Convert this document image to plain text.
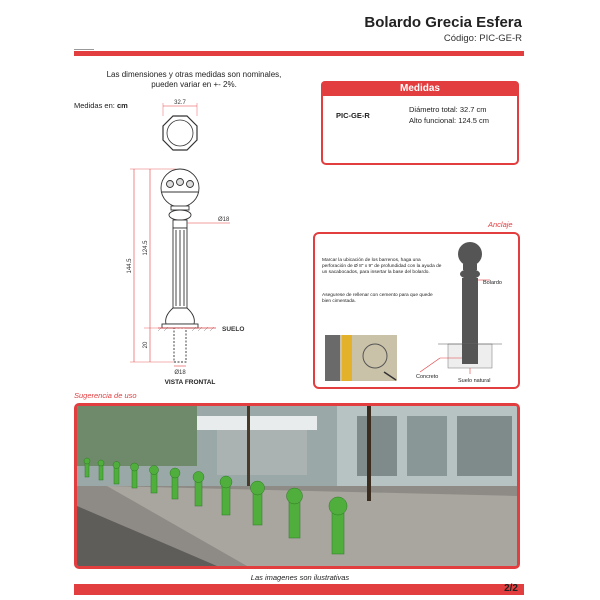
Bolardo Grecia Esfera
Código: PIC-GE-R
Las dimensiones y otras medidas son nominales,
pueden variar en +- 2%.
Medidas en: cm	32.7
SUELO
144.5
124.5
20
Ø18
Ø18
VISTA FRONTAL
Medidas
PIC-GE-R
Diámetro total: 32.7 cm
Alto funcional: 124.5 cm
Anclaje
Marcar la ubicación de los barrenos, haga una perforación de Ø 8" x 9" de profundidad con la ayuda de un sacabocados, para insertar la base del bolardo.
Asegurese de rellenar con cemento para que quede bien cimentada.
Bolardo
Concreto
Suelo natural
Sugerencia de uso
Las imagenes son ilustrativas
2/2
